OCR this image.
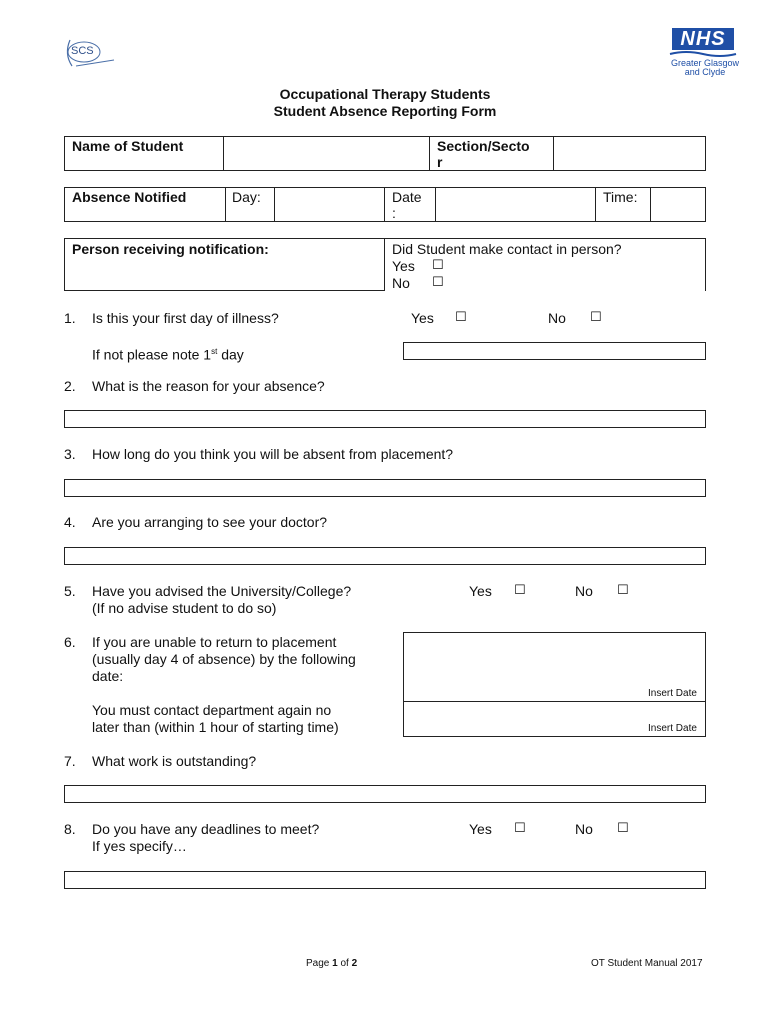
SCS
NHS
Greater Glasgow
and Clyde
Occupational Therapy Students
Student Absence Reporting Form
Name of Student	Section/Secto
r
Absence Notified	Day:	Date
:
Time:
Person receiving notification:	Did Student make contact in person?
Yes ☐
No ☐
1. Is this your first day of illness?	Yes ☐	No ☐
If not please note 1st day
2. What is the reason for your absence?
3. How long do you think you will be absent from placement?
4. Are you arranging to see your doctor?
5. Have you advised the University/College?
(If no advise student to do so)
Yes ☐	No ☐
6. If you are unable to return to placement
(usually day 4 of absence) by the following
date:
You must contact department again no
later than (within 1 hour of starting time)
Insert Date
Insert Date
7. What work is outstanding?
8. Do you have any deadlines to meet?
If yes specify…
Yes ☐	No ☐
Page 1 of 2	OT Student Manual 2017
